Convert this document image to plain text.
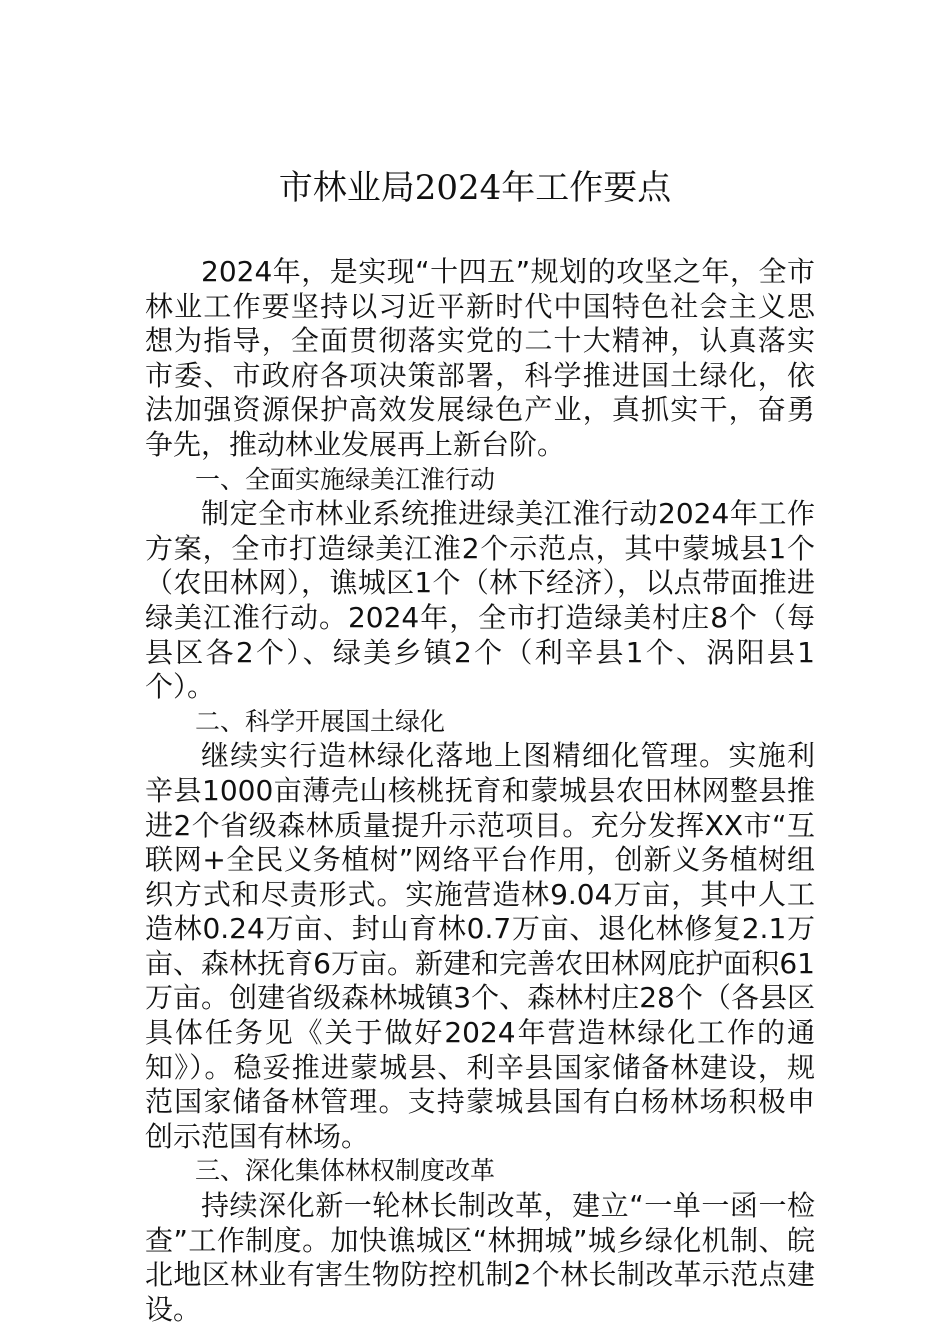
市林业局2024年工作要点

2024年，是实现“十四五”规划的攻坚之年，全市林业工作要坚持以习近平新时代中国特色社会主义思想为指导，全面贯彻落实党的二十大精神，认真落实市委、市政府各项决策部署，科学推进国土绿化，依法加强资源保护高效发展绿色产业，真抓实干，奋勇争先，推动林业发展再上新台阶。

一、全面实施绿美江淮行动

制定全市林业系统推进绿美江淮行动2024年工作方案，全市打造绿美江淮2个示范点，其中蒙城县1个（农田林网），谯城区1个（林下经济），以点带面推进绿美江淮行动。2024年，全市打造绿美村庄8个（每县区各2个）、绿美乡镇2个（利辛县1个、涡阳县1个）。

二、科学开展国土绿化

继续实行造林绿化落地上图精细化管理。实施利辛县1000亩薄壳山核桃抚育和蒙城县农田林网整县推进2个省级森林质量提升示范项目。充分发挥XX市“互联网+全民义务植树”网络平台作用，创新义务植树组织方式和尽责形式。实施营造林9.04万亩，其中人工造林0.24万亩、封山育林0.7万亩、退化林修复2.1万亩、森林抚育6万亩。新建和完善农田林网庇护面积61万亩。创建省级森林城镇3个、森林村庄28个（各县区具体任务见《关于做好2024年营造林绿化工作的通知》）。稳妥推进蒙城县、利辛县国家储备林建设，规范国家储备林管理。支持蒙城县国有白杨林场积极申创示范国有林场。

三、深化集体林权制度改革

持续深化新一轮林长制改革，建立“一单一函一检查”工作制度。加快谯城区“林拥城”城乡绿化机制、皖北地区林业有害生物防控机制2个林长制改革示范点建设。
